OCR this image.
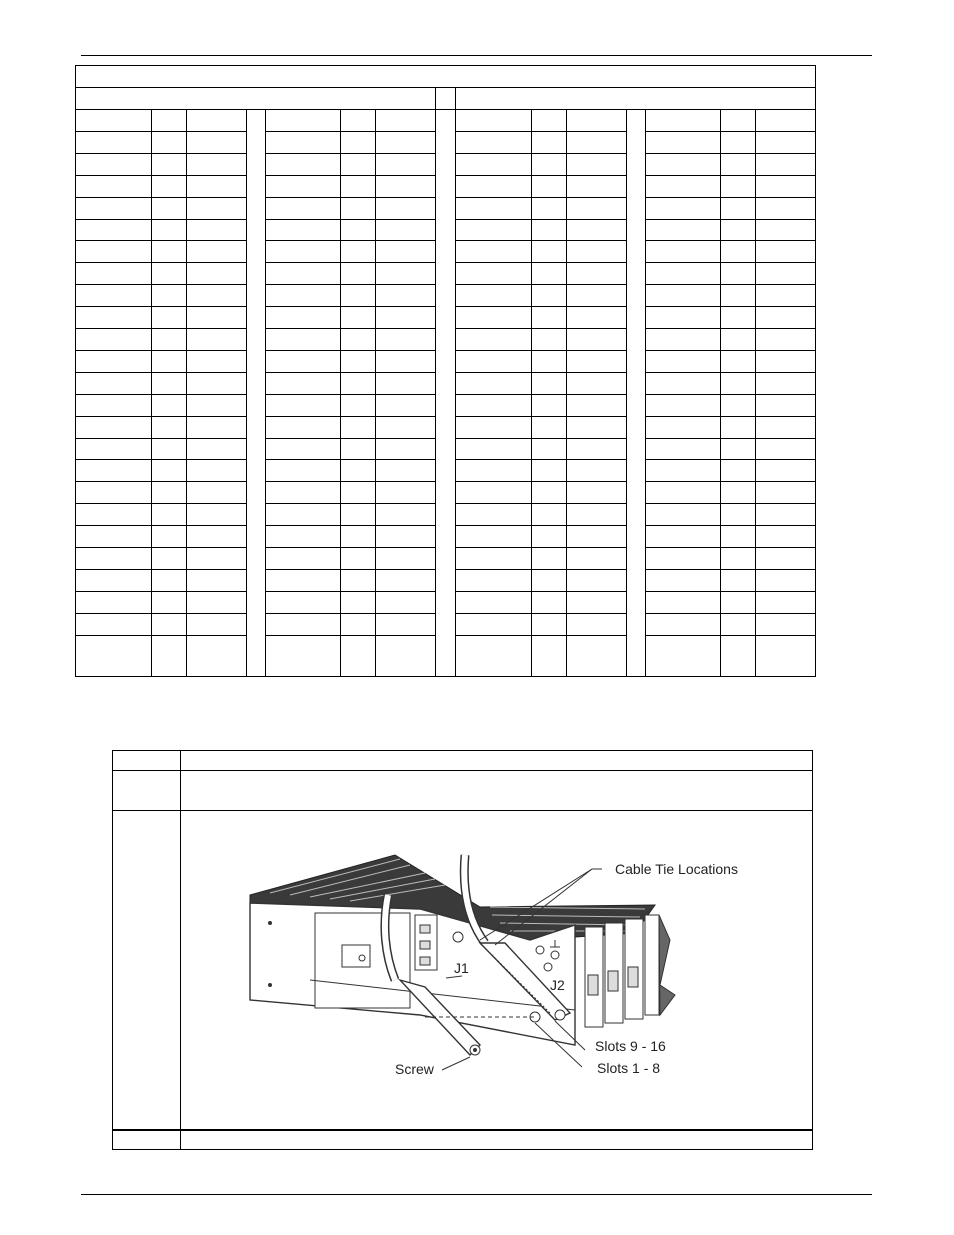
Cable Tie Locations
Slots 9 - 16
Slots 1 - 8
Screw
J1
J2
